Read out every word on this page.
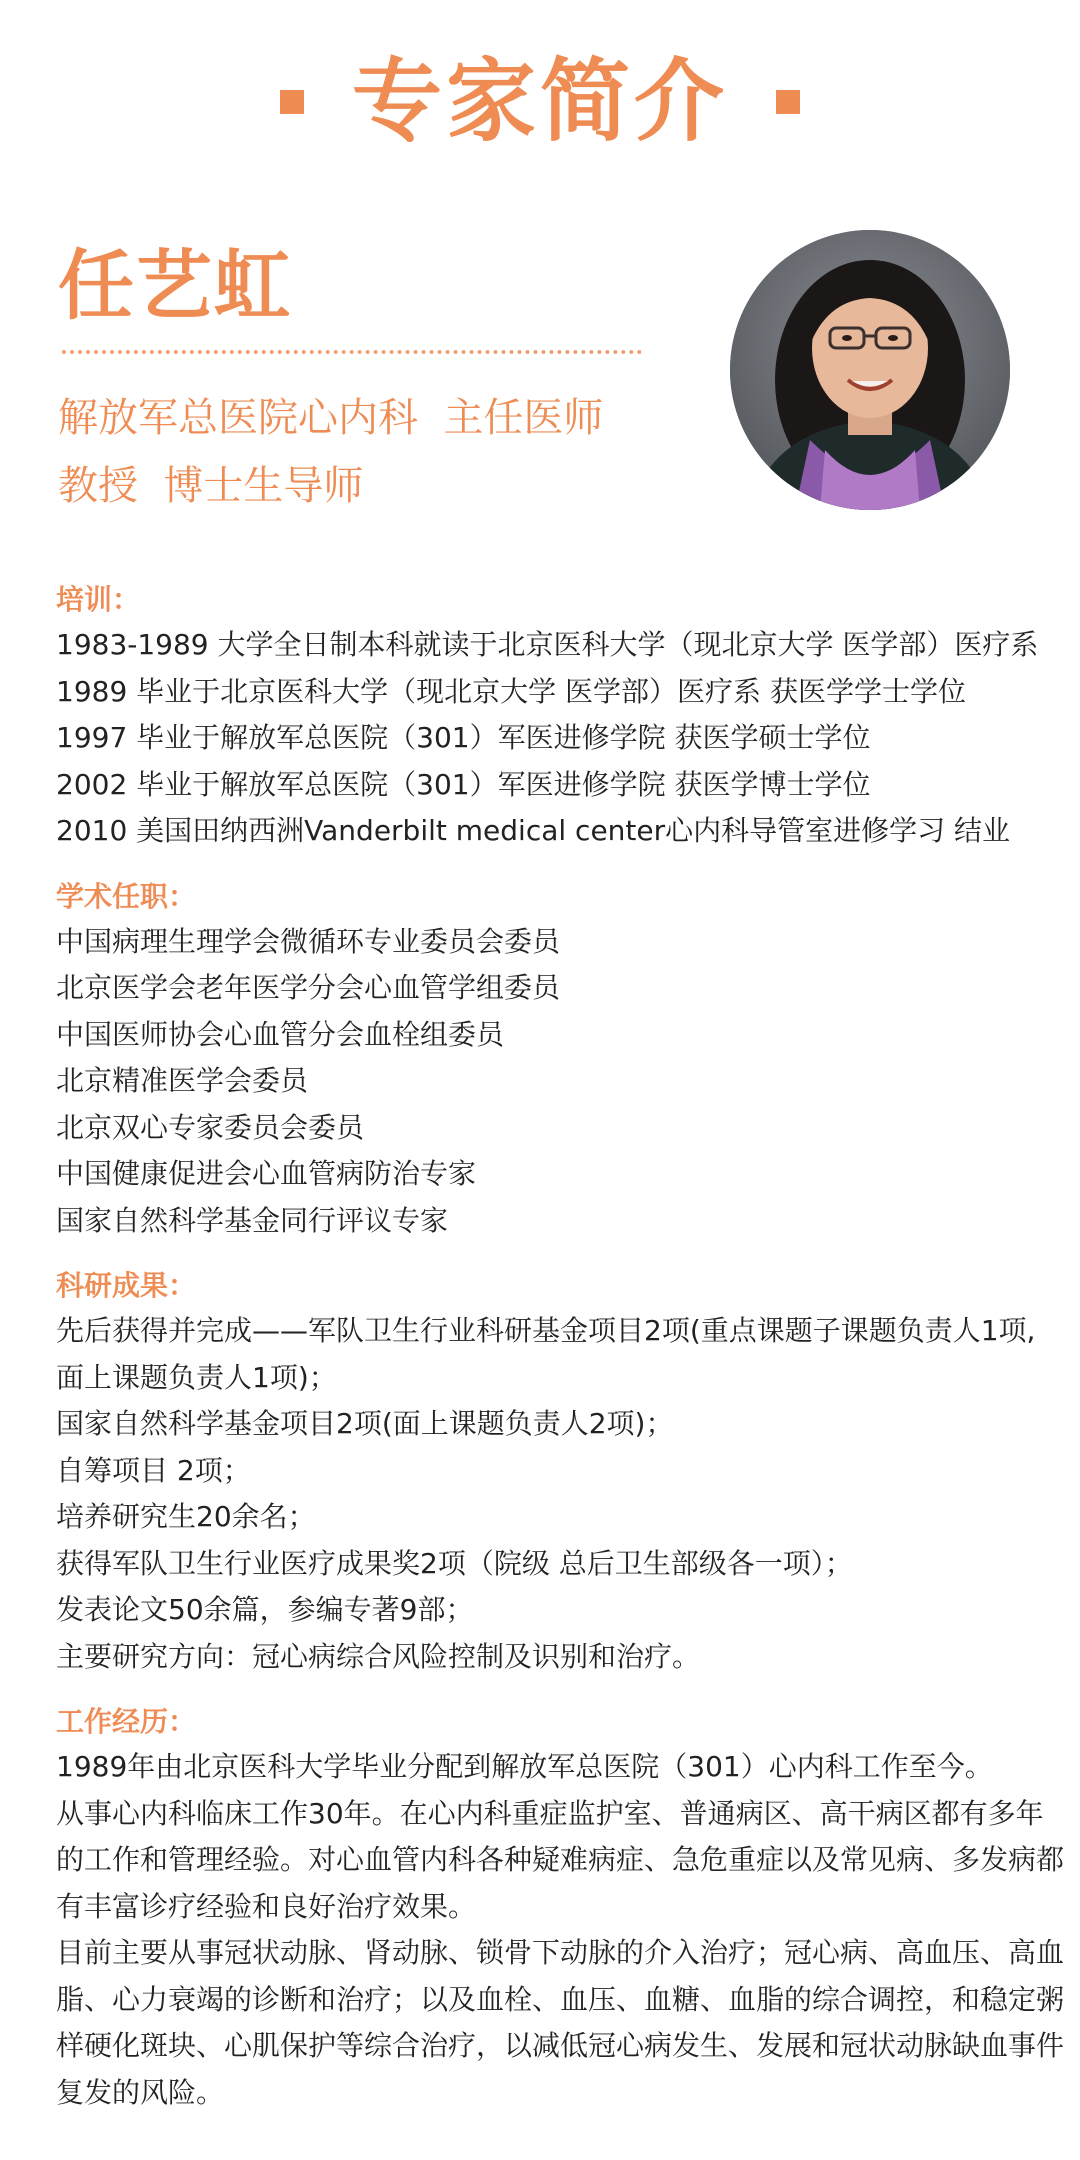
专家简介
任艺虹
解放军总医院心内科  主任医师
教授  博士生导师

培训：

1983-1989 大学全日制本科就读于北京医科大学（现北京大学 医学部）医疗系

1989 毕业于北京医科大学（现北京大学 医学部）医疗系 获医学学士学位

1997 毕业于解放军总医院（301）军医进修学院 获医学硕士学位

2002 毕业于解放军总医院（301）军医进修学院 获医学博士学位

2010 美国田纳西洲Vanderbilt medical center心内科导管室进修学习 结业

学术任职：

中国病理生理学会微循环专业委员会委员

北京医学会老年医学分会心血管学组委员

中国医师协会心血管分会血栓组委员

北京精准医学会委员

北京双心专家委员会委员

中国健康促进会心血管病防治专家

国家自然科学基金同行评议专家

科研成果：

先后获得并完成——军队卫生行业科研基金项目2项(重点课题子课题负责人1项,

面上课题负责人1项)；

国家自然科学基金项目2项(面上课题负责人2项)；

自筹项目 2项；

培养研究生20余名；

获得军队卫生行业医疗成果奖2项（院级 总后卫生部级各一项）；

发表论文50余篇，参编专著9部；

主要研究方向：冠心病综合风险控制及识别和治疗。

工作经历：

1989年由北京医科大学毕业分配到解放军总医院（301）心内科工作至今。

从事心内科临床工作30年。在心内科重症监护室、普通病区、高干病区都有多年

的工作和管理经验。对心血管内科各种疑难病症、急危重症以及常见病、多发病都

有丰富诊疗经验和良好治疗效果。

目前主要从事冠状动脉、肾动脉、锁骨下动脉的介入治疗；冠心病、高血压、高血

脂、心力衰竭的诊断和治疗；以及血栓、血压、血糖、血脂的综合调控，和稳定粥

样硬化斑块、心肌保护等综合治疗，以减低冠心病发生、发展和冠状动脉缺血事件

复发的风险。
